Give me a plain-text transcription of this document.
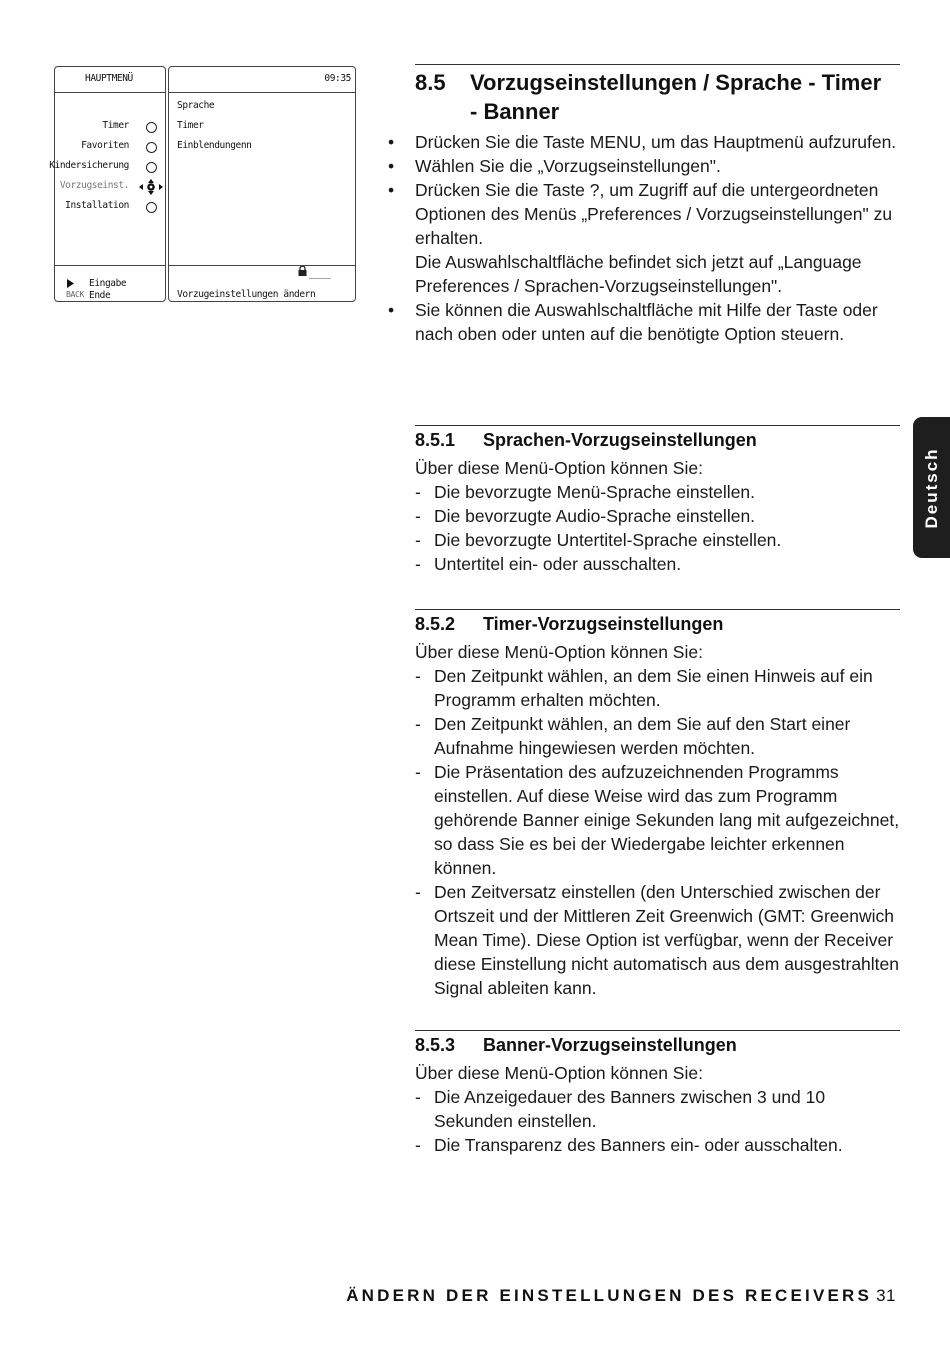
HAUPTMENÜ
Timer
Favoriten
Kindersicherung
Vorzugseinst.
Installation
Eingabe
BACK Ende
09:35
Sprache
Timer
Einblendungenn
____
Vorzugeinstellungen ändern
8.5 Vorzugseinstellungen / Sprache - Timer - Banner
• Drücken Sie die Taste MENU, um das Hauptmenü aufzurufen.
• Wählen Sie die „Vorzugseinstellungen".
• Drücken Sie die Taste ?, um Zugriff auf die untergeordneten Optionen des Menüs „Preferences / Vorzugseinstellungen" zu erhalten.
Die Auswahlschaltfläche befindet sich jetzt auf „Language Preferences / Sprachen-Vorzugseinstellungen".
• Sie können die Auswahlschaltfläche mit Hilfe der Taste oder nach oben oder unten auf die benötigte Option steuern.
8.5.1 Sprachen-Vorzugseinstellungen
Über diese Menü-Option können Sie:
- Die bevorzugte Menü-Sprache einstellen.
- Die bevorzugte Audio-Sprache einstellen.
- Die bevorzugte Untertitel-Sprache einstellen.
- Untertitel ein- oder ausschalten.
8.5.2 Timer-Vorzugseinstellungen
Über diese Menü-Option können Sie:
- Den Zeitpunkt wählen, an dem Sie einen Hinweis auf ein Programm erhalten möchten.
- Den Zeitpunkt wählen, an dem Sie auf den Start einer Aufnahme hingewiesen werden möchten.
- Die Präsentation des aufzuzeichnenden Programms einstellen. Auf diese Weise wird das zum Programm gehörende Banner einige Sekunden lang mit aufgezeichnet, so dass Sie es bei der Wiedergabe leichter erkennen können.
- Den Zeitversatz einstellen (den Unterschied zwischen der Ortszeit und der Mittleren Zeit Greenwich (GMT: Greenwich Mean Time). Diese Option ist verfügbar, wenn der Receiver diese Einstellung nicht automatisch aus dem ausgestrahlten Signal ableiten kann.
8.5.3 Banner-Vorzugseinstellungen
Über diese Menü-Option können Sie:
- Die Anzeigedauer des Banners zwischen 3 und 10 Sekunden einstellen.
- Die Transparenz des Banners ein- oder ausschalten.
Deutsch
ÄNDERN DER EINSTELLUNGEN DES RECEIVERS 31
